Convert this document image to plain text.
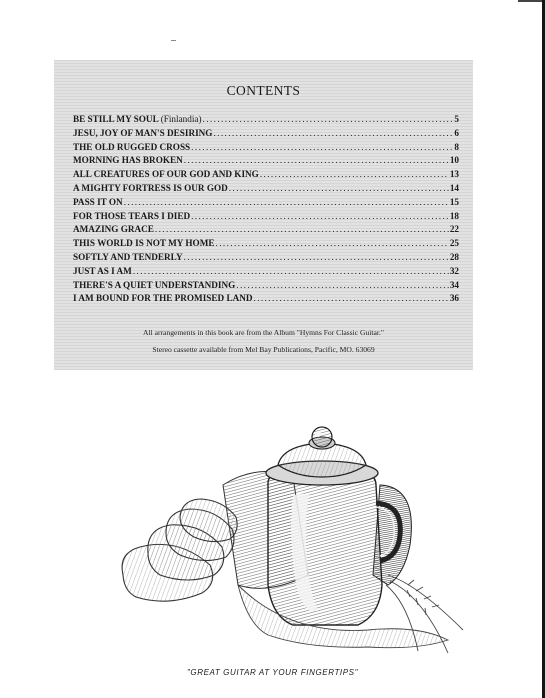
CONTENTS
BE STILL MY SOUL (Finlandia) .....	5
JESU, JOY OF MAN'S DESIRING .....	6
THE OLD RUGGED CROSS .....	8
MORNING HAS BROKEN .....	10
ALL CREATURES OF OUR GOD AND KING .....	13
A MIGHTY FORTRESS IS OUR GOD .....	14
PASS IT ON .....	15
FOR THOSE TEARS I DIED .....	18
AMAZING GRACE .....	22
THIS WORLD IS NOT MY HOME .....	25
SOFTLY AND TENDERLY .....	28
JUST AS I AM .....	32
THERE'S A QUIET UNDERSTANDING .....	34
I AM BOUND FOR THE PROMISED LAND .....	36
All arrangements in this book are from the Album "Hymns For Classic Guitar."
Stereo cassette available from Mel Bay Publications, Pacific, MO. 63069
"GREAT GUITAR AT YOUR FINGERTIPS"
